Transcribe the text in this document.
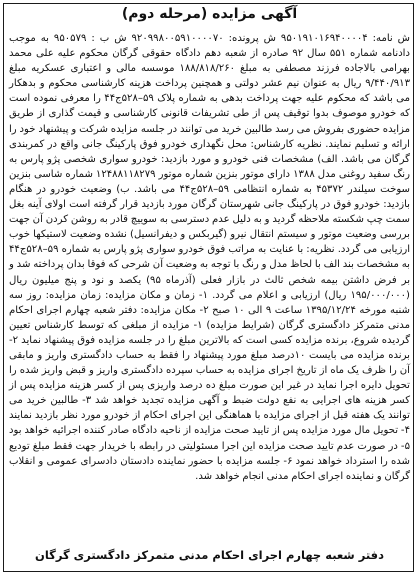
آگهی مزایده (مرحله دوم)
ش نامه: ۹۵۰۱۹۱۰۱۶۹۴۰۰۰۰۴ ش پرونده: ۹۲۰۹۹۸۰۰۵۹۱۰۰۰۰۷۰ ش ب : ۹۵۰۵۷۹ به موجب دادنامه شماره ۵۵۱ سال ۹۲ صادره از شعبه دهم دادگاه حقوقی گرگان محکوم علیه علی محمد بهرامی بالاجاده فرزند مصطفی به مبلغ ۱۸۸/۸۱۸/۲۶۰ موسسه مالی و اعتباری عسکریه مبلغ ۹/۴۴۰/۹۱۳ ریال به عنوان نیم عشر دولتی و همچنین پرداخت هزینه کارشناسی محکوم و بدهکار می باشد که محکوم علیه جهت پرداخت بدهی به شماره پلاک ۵۹–۵۲۸ج۴۴ را معرفی نموده است که خودرو موصوف بدوا توقیف پس از طی تشریفات قانونی کارشناسی و قیمت گذاری از طریق مزایده حضوری بفروش می رسد طالبین خرید می توانند در جلسه مزایده شرکت و پیشنهاد خود را ارائه و تسلیم نمایند. نظریه کارشناس: محل نگهداری خودرو فوق پارکینگ جانی واقع در کمربندی گرگان می باشد. الف) مشخصات فنی خودرو و مورد بازدید: خودرو سواری شخصی پژو پارس به رنگ سفید روغنی مدل ۱۳۸۸ دارای موتور بنزین شماره موتور ۱۲۴۸۸۱۱۸۲۷۹ شماره شاسی بنزین سوخت سیلندر ۴۵۳۷۲ به شماره انتظامی ۵۹–۵۲۸ج۴۴ می باشد. ب) وضعیت خودرو در هنگام بازدید: خودرو فوق در پارکینگ جانی شهرستان گرگان مورد بازدید قرار گرفته است اولای آینه بغل سمت چپ شکسته ملاحظه گردید و به دلیل عدم دسترسی به سوییچ قادر به روشن کردن آن جهت بررسی وضعیت موتور و سیستم انتقال نیرو (گیربکس و دیفرانسیل) نشده وضعیت لاستیکها خوب ارزیابی می گردد. نظریه: با عنایت به مراتب فوق خودرو سواری پژو پارس به شماره ۵۹–۵۲۸ج۴۴ به مشخصات بند الف با لحاظ مدل و رنگ با توجه به وضعیت آن شرحی که فوقا بدان پرداخته شد و بر فرض داشتن بیمه شخص ثالث در بازار فعلی (آذرماه ۹۵) یکصد و نود و پنج میلیون ریال (۱۹۵/۰۰۰/۰۰۰ ریال) ارزیابی و اعلام می گردد. ۱- زمان و مکان مزایده: زمان مزایده: روز سه شنبه مورخه ۱۳۹۵/۱۲/۲۴ ساعت ۹ الی ۱۰ صبح ۲- مکان مزایده: دفتر شعبه چهارم اجرای احکام مدنی متمرکز دادگستری گرگان (شرایط مزایده) ۱- مزایده از مبلغی که توسط کارشناس تعیین گردیده شروع، برنده مزایده کسی است که بالاترین مبلغ را در جلسه مزایده فوق پیشنهاد نماید ۲- برنده مزایده می بایست ۱۰درصد مبلغ مورد پیشنهاد را فقط به حساب دادگستری واریز و مابقی آن را ظرف یک ماه از تاریخ اجرای مزایده به حساب سپرده دادگستری واریز و قبض واریز شده را تحویل دایره اجرا نماید در غیر این صورت مبلغ ده درصد واریزی پس از کسر هزینه مزایده پس از کسر هزینه های اجرایی به نفع دولت ضبط و آگهی مزایده تجدید خواهد شد ۳- طالبین خرید می توانند یک هفته قبل از اجرای مزایده با هماهنگی این اجرای احکام از خودرو مورد نظر بازدید نمایند ۴- تحویل مال مورد مزایده پس از تایید صحت مزایده از ناحیه دادگاه صادر کننده اجرائیه خواهد بود ۵- در صورت عدم تایید صحت مزایده این اجرا مسئولیتی در رابطه با خریدار جهت فقط مبلغ تودیع شده را استرداد خواهد نمود ۶- جلسه مزایده با حضور نماینده دادستان دادسرای عمومی و انقلاب گرگان و نماینده اجرای احکام مدنی انجام خواهد شد.
دفتر شعبه چهارم اجرای احکام مدنی متمرکز دادگستری گرگان
